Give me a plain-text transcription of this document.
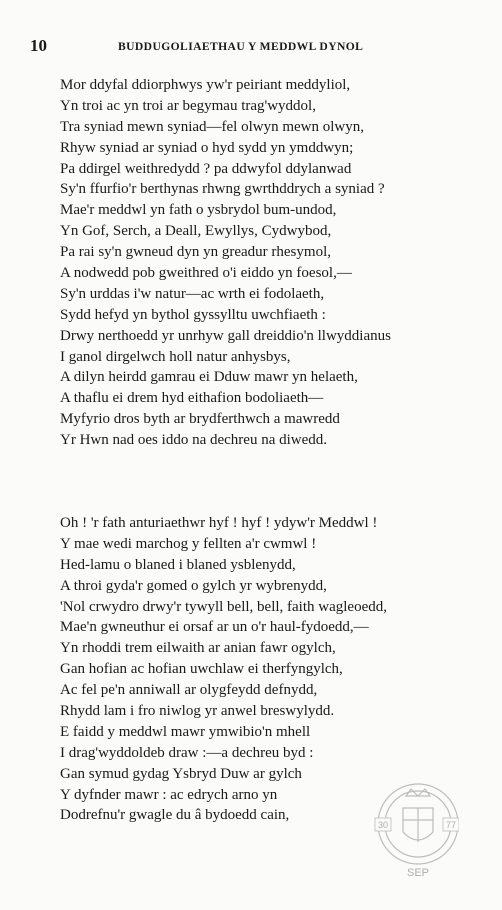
10	BUDDUGOLIAETHAU Y MEDDWL DYNOL
Mor ddyfal ddiorphwys yw'r peiriant meddyliol,
Yn troi ac yn troi ar begymau trag'wyddol,
Tra syniad mewn syniad—fel olwyn mewn olwyn,
Rhyw syniad ar syniad o hyd sydd yn ymddwyn;
Pa ddirgel weithredydd ? pa ddwyfol ddylanwad
Sy'n ffurfio'r berthynas rhwng gwrthddrych a syniad ?
Mae'r meddwl yn fath o ysbrydol bum-undod,
Yn Gof, Serch, a Deall, Ewyllys, Cydwybod,
Pa rai sy'n gwneud dyn yn greadur rhesymol,
A nodwedd pob gweithred o'i eiddo yn foesol,—
Sy'n urddas i'w natur—ac wrth ei fodolaeth,
Sydd hefyd yn bythol gyssylltu uwchfiaeth :
Drwy nerthoedd yr unrhyw gall dreiddio'n llwyddianus
I ganol dirgelwch holl natur anhysbys,
A dilyn heirdd gamrau ei Dduw mawr yn helaeth,
A thaflu ei drem hyd eithafion bodoliaeth—
Myfyrio dros byth ar brydferthwch a mawredd
Yr Hwn nad oes iddo na dechreu na diwedd.
Oh ! 'r fath anturiaethwr hyf ! hyf ! ydyw'r Meddwl !
Y mae wedi marchog y fellten a'r cwmwl !
Hed-lamu o blaned i blaned ysblenydd,
A throi gyda'r gomed o gylch yr wybrenydd,
'Nol crwydro drwy'r tywyll bell, bell, faith wagleoedd,
Mae'n gwneuthur ei orsaf ar un o'r haul-fydoedd,—
Yn rhoddi trem eilwaith ar anian fawr ogylch,
Gan hofian ac hofian uwchlaw ei therfyngylch,
Ac fel pe'n anniwall ar olygfeydd defnydd,
Rhydd lam i fro niwlog yr anwel breswylydd.
E faidd y meddwl mawr ymwibio'n mhell
I drag'wyddoldeb draw :—a dechreu byd :
Gan symud gydag Ysbryd Duw ar gylch
Y dyfnder mawr : ac edrych arno yn
Dodrefnu'r gwagle du â bydoedd cain,
30	77
SEP
